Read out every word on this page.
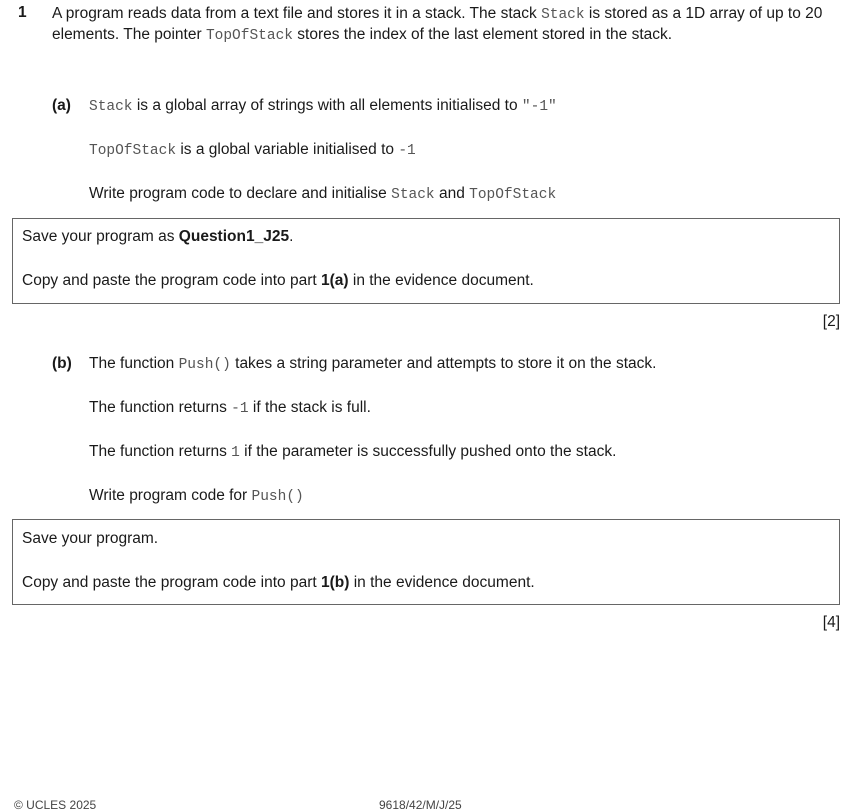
1 A program reads data from a text file and stores it in a stack. The stack Stack is stored as a 1D array of up to 20 elements. The pointer TopOfStack stores the index of the last element stored in the stack.

(a) Stack is a global array of strings with all elements initialised to "-1"

TopOfStack is a global variable initialised to -1

Write program code to declare and initialise Stack and TopOfStack

Save your program as Question1_J25.

Copy and paste the program code into part 1(a) in the evidence document.

[2]
(b) The function Push() takes a string parameter and attempts to store it on the stack.

The function returns -1 if the stack is full.

The function returns 1 if the parameter is successfully pushed onto the stack.

Write program code for Push()

Save your program.

Copy and paste the program code into part 1(b) in the evidence document.

[4]
© UCLES 2025	9618/42/M/J/25
